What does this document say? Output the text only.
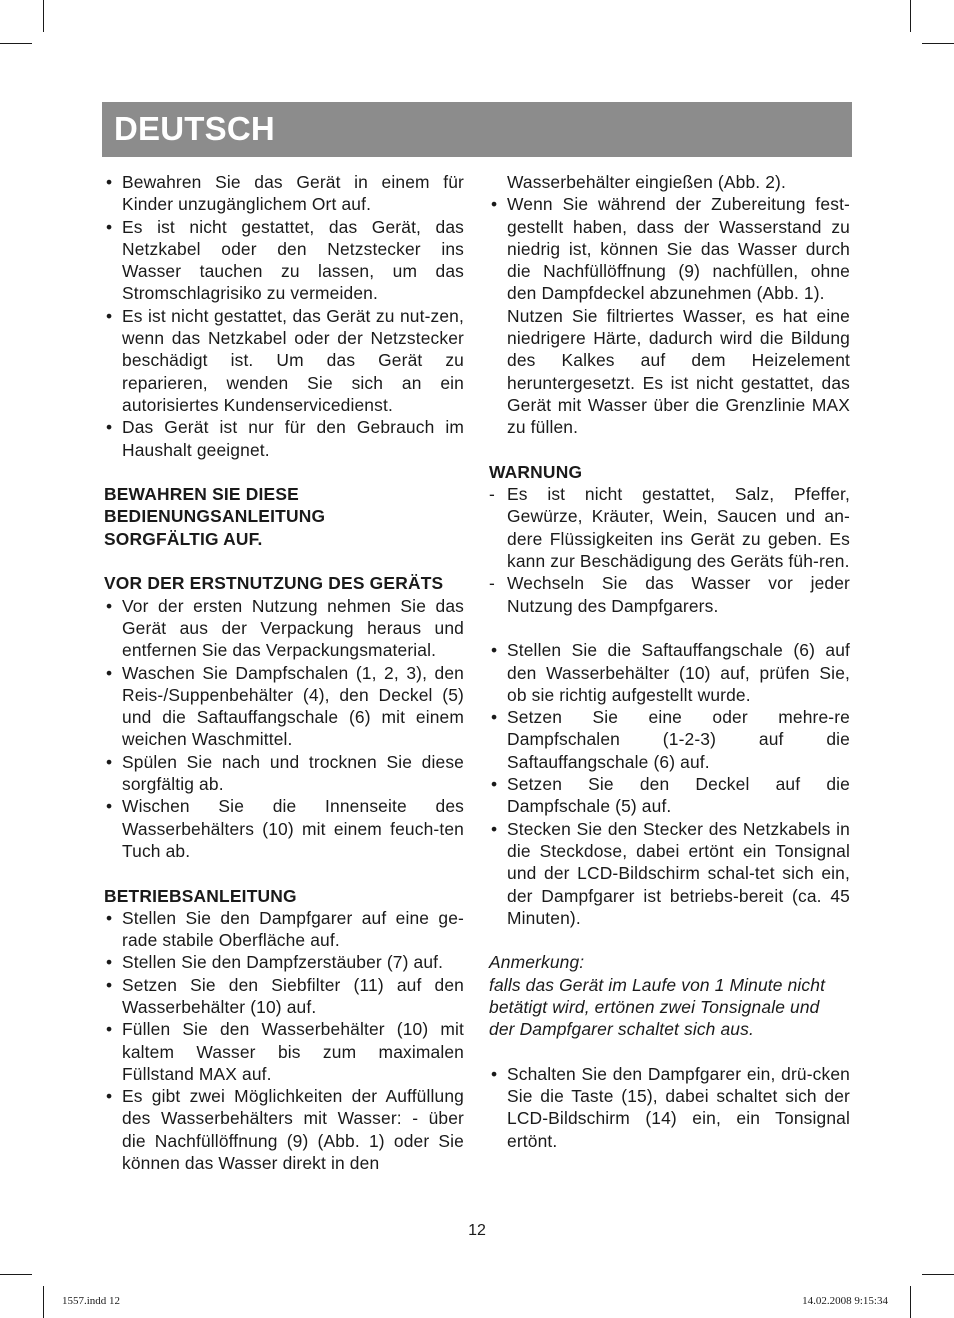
DEUTSCH
• Bewahren Sie das Gerät in einem für Kinder unzugänglichem Ort auf.
• Es ist nicht gestattet, das Gerät, das Netzkabel oder den Netzstecker ins Wasser tauchen zu lassen, um das Stromschlagrisiko zu vermeiden.
• Es ist nicht gestattet, das Gerät zu nut-zen, wenn das Netzkabel oder der Netzstecker beschädigt ist. Um das Gerät zu reparieren, wenden Sie sich an ein autorisiertes Kundenservicedienst.
• Das Gerät ist nur für den Gebrauch im Haushalt geeignet.

BEWAHREN SIE DIESE
BEDIENUNGSANLEITUNG
SORGFÄLTIG AUF.

VOR DER ERSTNUTZUNG DES GERÄTS

• Vor der ersten Nutzung nehmen Sie das Gerät aus der Verpackung heraus und entfernen Sie das Verpackungsmaterial.
• Waschen Sie Dampfschalen (1, 2, 3), den Reis-/Suppenbehälter (4), den Deckel (5) und die Saftauffangschale (6) mit einem weichen Waschmittel.
• Spülen Sie nach und trocknen Sie diese sorgfältig ab.
• Wischen Sie die Innenseite des Wasserbehälters (10) mit einem feuch-ten Tuch ab.

BETRIEBSANLEITUNG

• Stellen Sie den Dampfgarer auf eine ge-rade stabile Oberfläche auf.
• Stellen Sie den Dampfzerstäuber (7) auf.
• Setzen Sie den Siebfilter (11) auf den Wasserbehälter (10) auf.
• Füllen Sie den Wasserbehälter (10) mit kaltem Wasser bis zum maximalen Füllstand MAX auf.
• Es gibt zwei Möglichkeiten der Auffüllung des Wasserbehälters mit Wasser: - über die Nachfüllöffnung (9) (Abb. 1) oder Sie können das Wasser direkt in den

Wasserbehälter eingießen (Abb. 2).

• Wenn Sie während der Zubereitung fest-gestellt haben, dass der Wasserstand zu niedrig ist, können Sie das Wasser durch die Nachfüllöffnung (9) nachfüllen, ohne den Dampfdeckel abzunehmen (Abb. 1).

Nutzen Sie filtriertes Wasser, es hat eine niedrigere Härte, dadurch wird die Bildung des Kalkes auf dem Heizelement heruntergesetzt. Es ist nicht gestattet, das Gerät mit Wasser über die Grenzlinie MAX zu füllen.

WARNUNG

- Es ist nicht gestattet, Salz, Pfeffer, Gewürze, Kräuter, Wein, Saucen und an-dere Flüssigkeiten ins Gerät zu geben. Es kann zur Beschädigung des Geräts füh-ren.
- Wechseln Sie das Wasser vor jeder Nutzung des Dampfgarers.
• Stellen Sie die Saftauffangschale (6) auf den Wasserbehälter (10) auf, prüfen Sie, ob sie richtig aufgestellt wurde.
• Setzen Sie eine oder mehre-re Dampfschalen (1-2-3) auf die Saftauffangschale (6) auf.
• Setzen Sie den Deckel auf die Dampfschale (5) auf.
• Stecken Sie den Stecker des Netzkabels in die Steckdose, dabei ertönt ein Tonsignal und der LCD-Bildschirm schal-tet sich ein, der Dampfgarer ist betriebs-bereit (ca. 45 Minuten).

Anmerkung:

falls das Gerät im Laufe von 1 Minute nicht betätigt wird, ertönen zwei Tonsignale und der Dampfgarer schaltet sich aus.

• Schalten Sie den Dampfgarer ein, drü-cken Sie die Taste (15), dabei schaltet sich der LCD-Bildschirm (14) ein, ein Tonsignal ertönt.
12
1557.indd 12	14.02.2008 9:15:34
